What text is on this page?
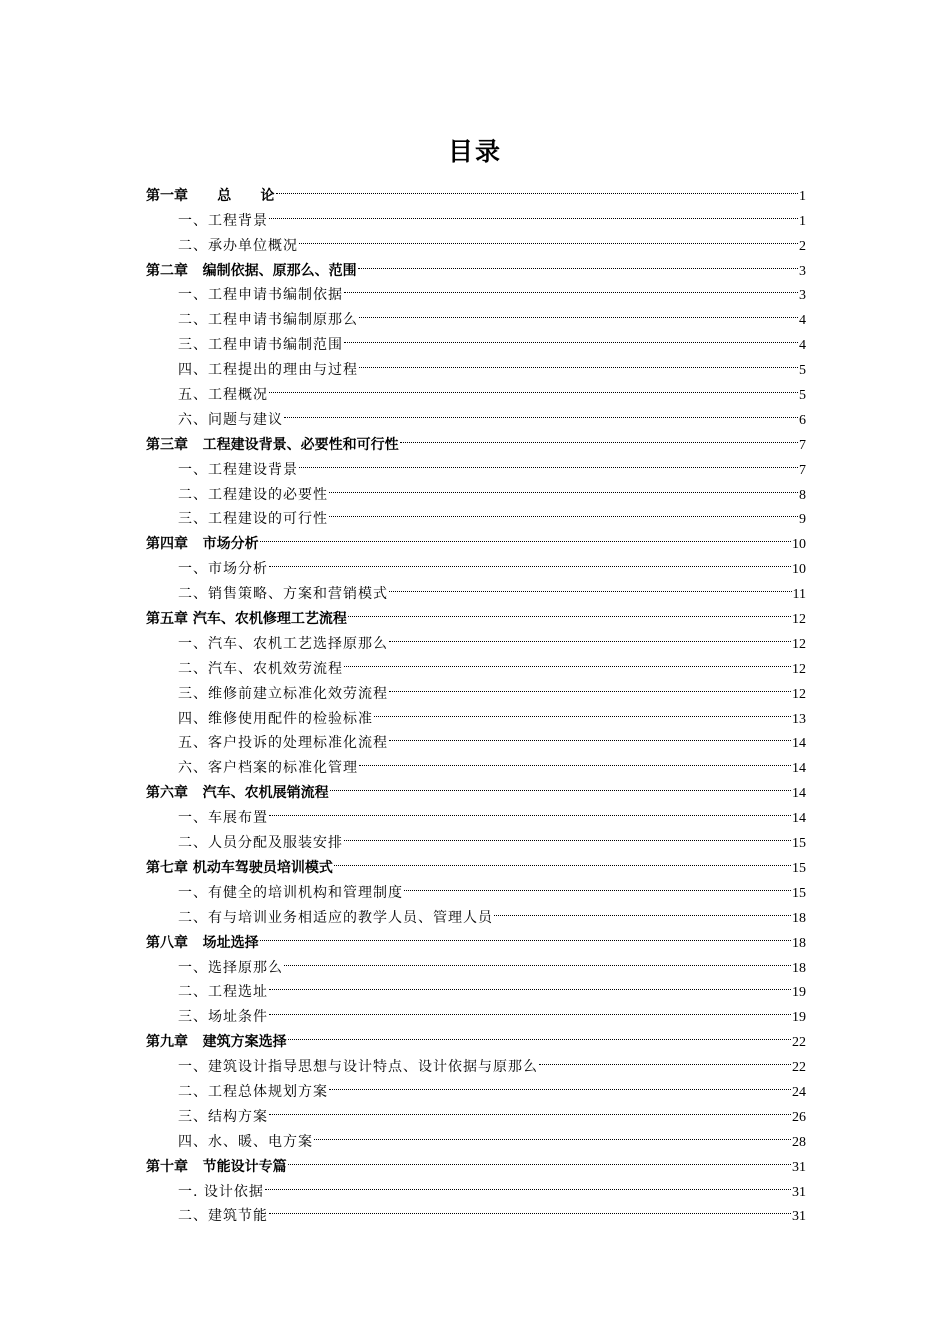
目录
第一章      总      论	1
一、工程背景	1
二、承办单位概况	2
第二章   编制依据、原那么、范围	3
一、工程申请书编制依据	3
二、工程申请书编制原那么	4
三、工程申请书编制范围	4
四、工程提出的理由与过程	5
五、工程概况	5
六、问题与建议	6
第三章   工程建设背景、必要性和可行性	7
一、工程建设背景	7
二、工程建设的必要性	8
三、工程建设的可行性	9
第四章   市场分析	10
一、市场分析	10
二、销售策略、方案和营销模式	11
第五章 汽车、农机修理工艺流程	12
一、汽车、农机工艺选择原那么	12
二、汽车、农机效劳流程	12
三、维修前建立标准化效劳流程	12
四、维修使用配件的检验标准	13
五、客户投诉的处理标准化流程	14
六、客户档案的标准化管理	14
第六章   汽车、农机展销流程	14
一、车展布置	14
二、人员分配及服装安排	15
第七章 机动车驾驶员培训模式	15
一、有健全的培训机构和管理制度	15
二、有与培训业务相适应的教学人员、管理人员	18
第八章   场址选择	18
一、选择原那么	18
二、工程选址	19
三、场址条件	19
第九章   建筑方案选择	22
一、建筑设计指导思想与设计特点、设计依据与原那么	22
二、工程总体规划方案	24
三、结构方案	26
四、水、暖、电方案	28
第十章   节能设计专篇	31
一. 设计依据	31
二、建筑节能	31
